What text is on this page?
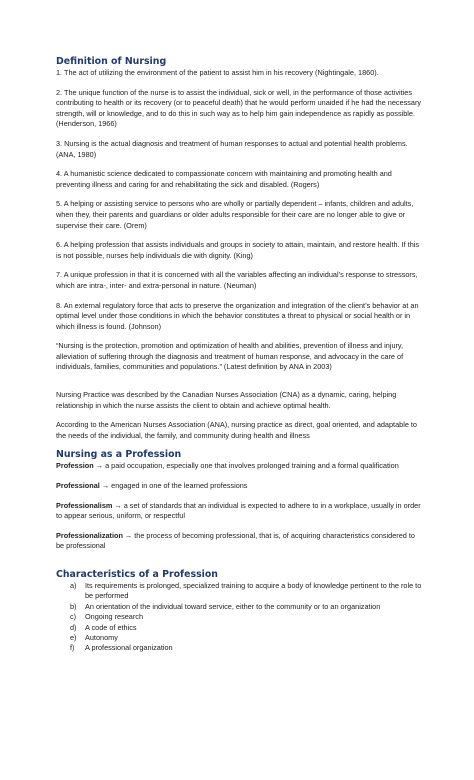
Definition of Nursing

1. The act of utilizing the environment of the patient to assist him in his recovery (Nightingale, 1860).

2. The unique function of the nurse is to assist the individual, sick or well, in the performance of those activities contributing to health or its recovery (or to peaceful death) that he would perform unaided if he had the necessary strength, will or knowledge, and to do this in such way as to help him gain independence as rapidly as possible. (Henderson, 1966)

3. Nursing is the actual diagnosis and treatment of human responses to actual and potential health problems. (ANA, 1980)

4. A humanistic science dedicated to compassionate concern with maintaining and promoting health and preventing illness and caring for and rehabilitating the sick and disabled. (Rogers)

5. A helping or assisting service to persons who are wholly or partially dependent – infants, children and adults, when they, their parents and guardians or older adults responsible for their care are no longer able to give or supervise their care. (Orem)

6. A helping profession that assists individuals and groups in society to attain, maintain, and restore health. If this is not possible, nurses help individuals die with dignity. (King)

7. A unique profession in that it is concerned with all the variables affecting an individual’s response to stressors, which are intra-, inter- and extra-personal in nature. (Neuman)

8. An external regulatory force that acts to preserve the organization and integration of the client’s behavior at an optimal level under those conditions in which the behavior constitutes a threat to physical or social health or in which illness is found. (Johnson)

“Nursing is the protection, promotion and optimization of health and abilities, prevention of illness and injury, alleviation of suffering through the diagnosis and treatment of human response, and advocacy in the care of individuals, families, communities and populations.” (Latest definition by ANA in 2003)

Nursing Practice was described by the Canadian Nurses Association (CNA) as a dynamic, caring, helping relationship in which the nurse assists the client to obtain and achieve optimal health.

According to the American Nurses Association (ANA), nursing practice as direct, goal oriented, and adaptable to the needs of the individual, the family, and community during health and illness

Nursing as a Profession

Profession → a paid occupation, especially one that involves prolonged training and a formal qualification

Professional → engaged in one of the learned professions

Professionalism → a set of standards that an individual is expected to adhere to in a workplace, usually in order to appear serious, uniform, or respectful

Professionalization → the process of becoming professional, that is, of acquiring characteristics considered to be professional

Characteristics of a Profession
a) Its requirements is prolonged, specialized training to acquire a body of knowledge pertinent to the role to be performed
b) An orientation of the individual toward service, either to the community or to an organization
c) Ongoing research
d) A code of ethics
e) Autonomy
f) A professional organization
